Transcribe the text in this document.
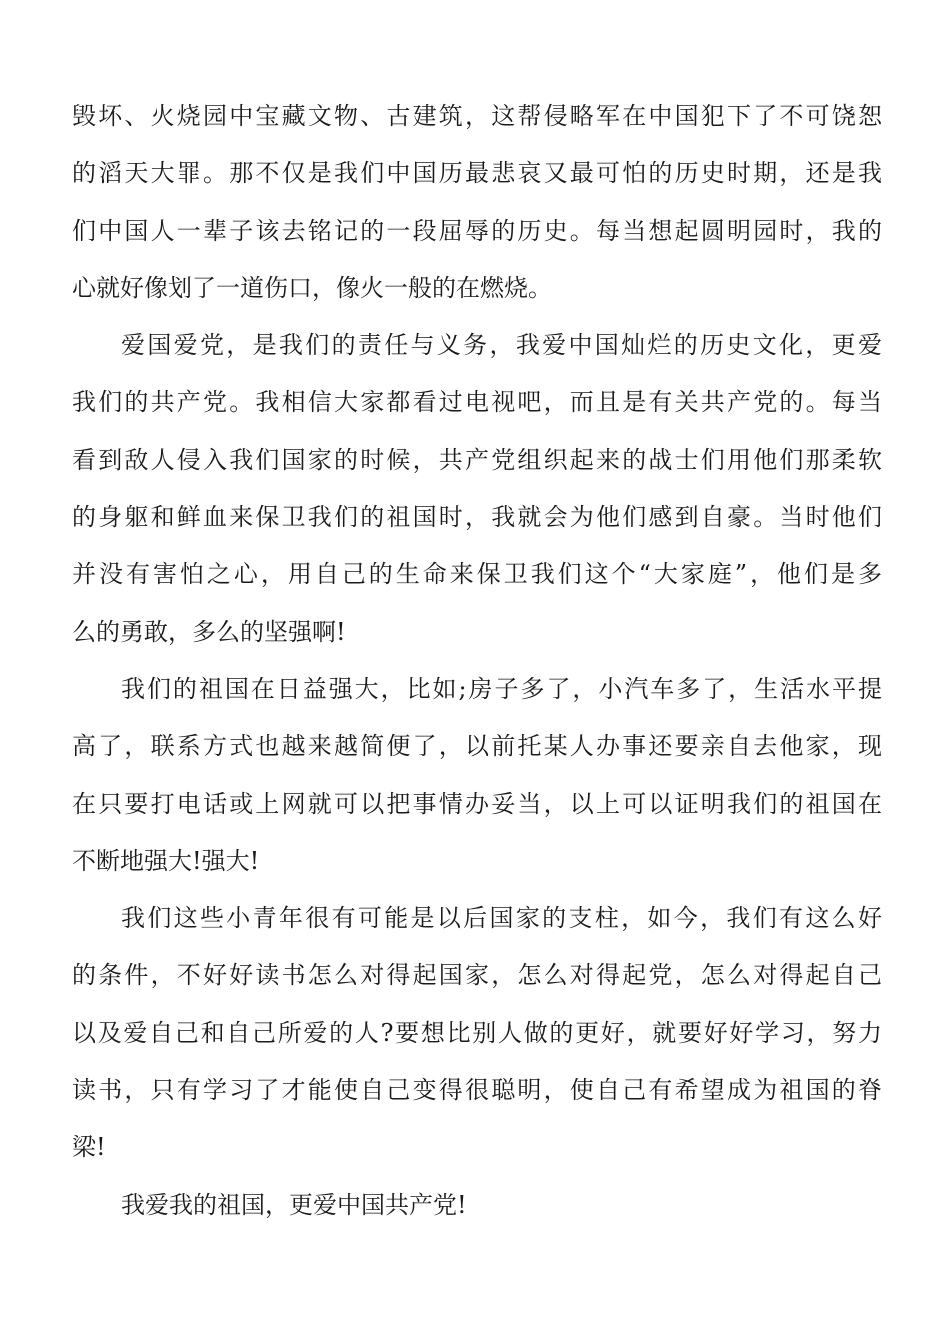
毁坏、火烧园中宝藏文物、古建筑，这帮侵略军在中国犯下了不可饶恕
的滔天大罪。那不仅是我们中国历最悲哀又最可怕的历史时期，还是我
们中国人一辈子该去铭记的一段屈辱的历史。每当想起圆明园时，我的
心就好像划了一道伤口，像火一般的在燃烧。
爱国爱党，是我们的责任与义务，我爱中国灿烂的历史文化，更爱
我们的共产党。我相信大家都看过电视吧，而且是有关共产党的。每当
看到敌人侵入我们国家的时候，共产党组织起来的战士们用他们那柔软
的身躯和鲜血来保卫我们的祖国时，我就会为他们感到自豪。当时他们
并没有害怕之心，用自己的生命来保卫我们这个“大家庭”，他们是多
么的勇敢，多么的坚强啊!
我们的祖国在日益强大，比如;房子多了，小汽车多了，生活水平提
高了，联系方式也越来越简便了，以前托某人办事还要亲自去他家，现
在只要打电话或上网就可以把事情办妥当，以上可以证明我们的祖国在
不断地强大!强大!
我们这些小青年很有可能是以后国家的支柱，如今，我们有这么好
的条件，不好好读书怎么对得起国家，怎么对得起党，怎么对得起自己
以及爱自己和自己所爱的人?要想比别人做的更好，就要好好学习，努力
读书，只有学习了才能使自己变得很聪明，使自己有希望成为祖国的脊
梁!
我爱我的祖国，更爱中国共产党!
